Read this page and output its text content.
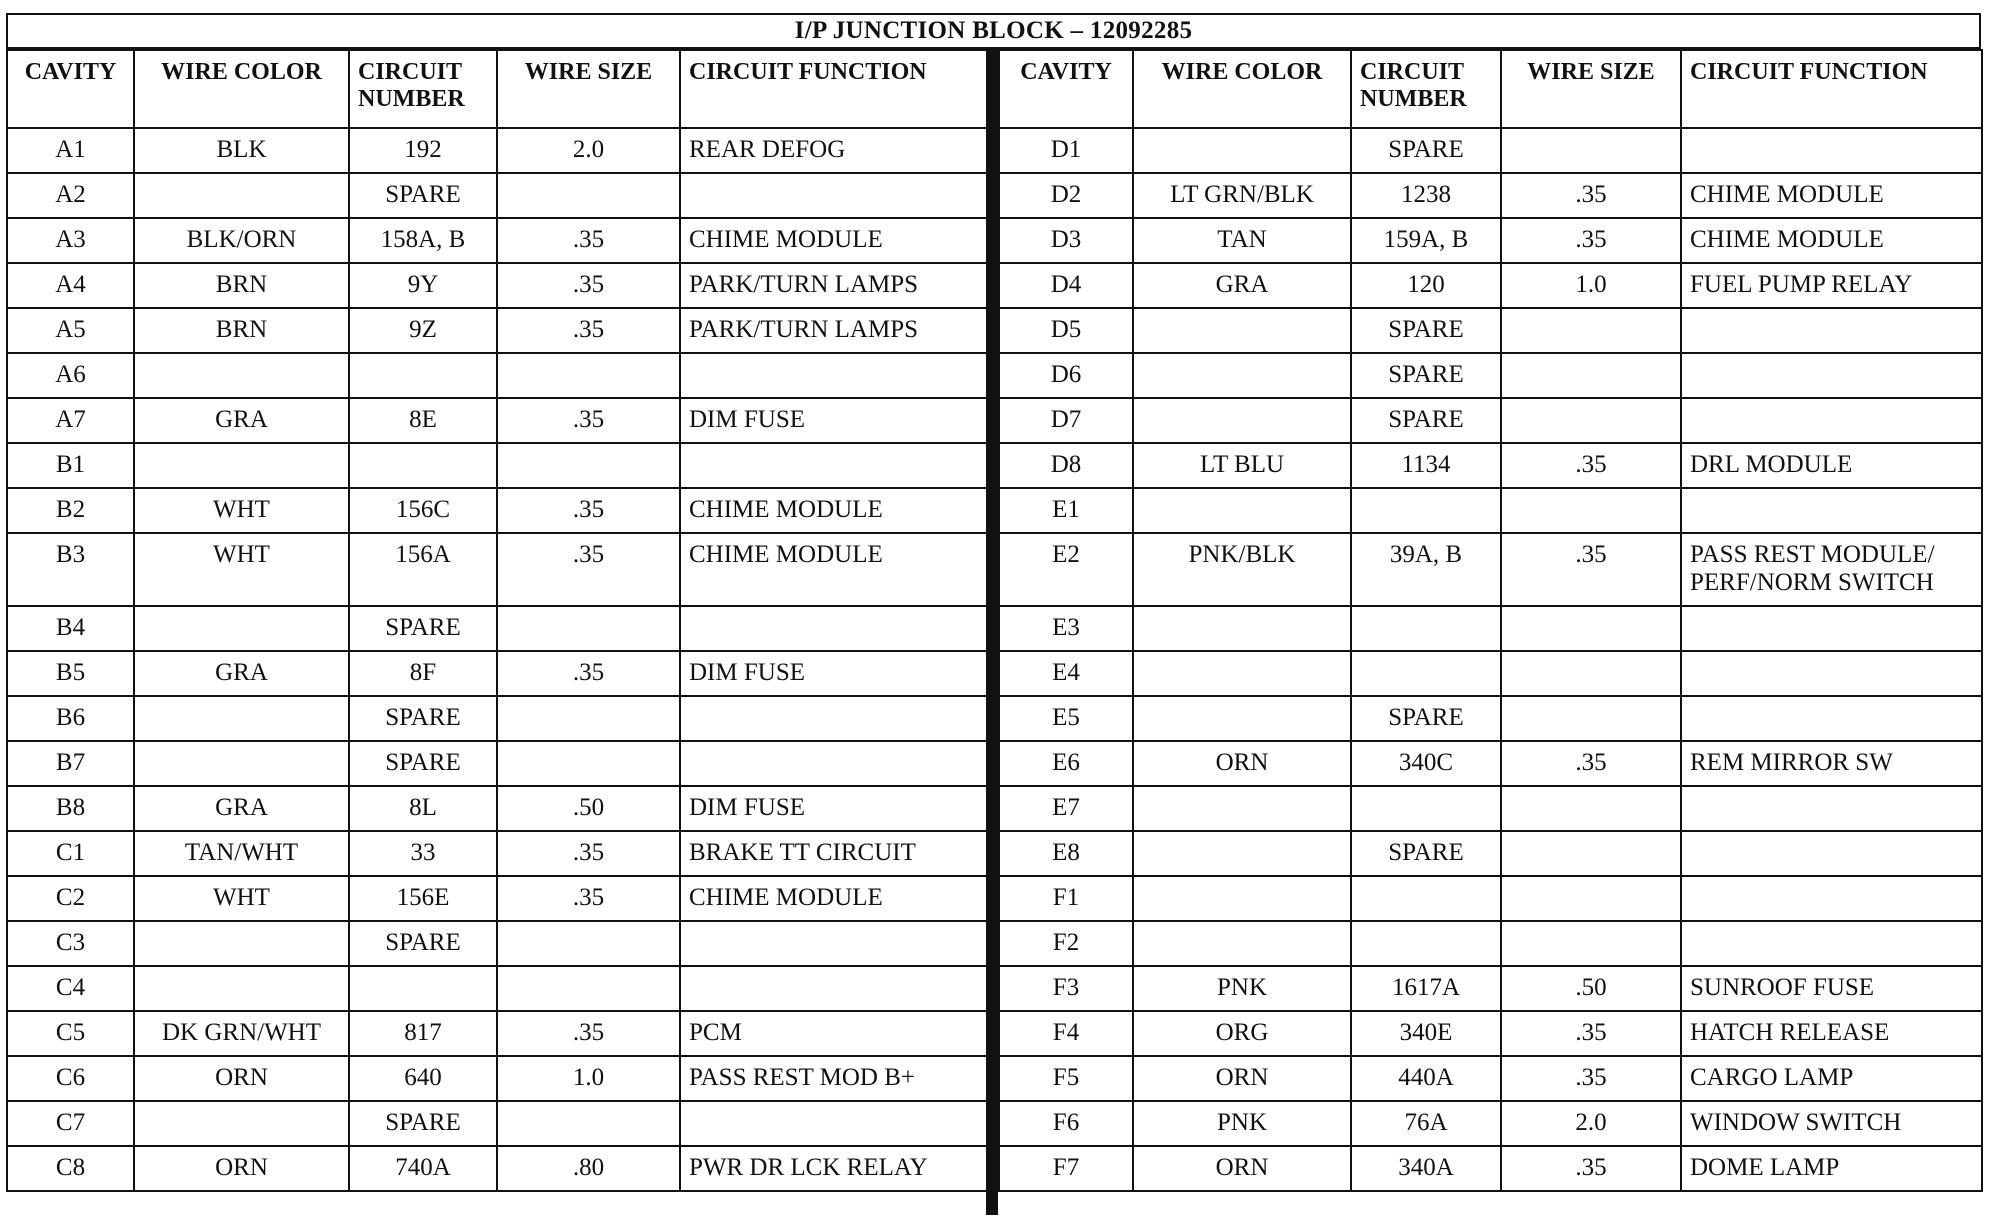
I/P JUNCTION BLOCK – 12092285
CAVITY	WIRE COLOR	CIRCUIT NUMBER	WIRE SIZE	CIRCUIT FUNCTION
A1	BLK	192	2.0	REAR DEFOG
A2		SPARE		
A3	BLK/ORN	158A, B	.35	CHIME MODULE
A4	BRN	9Y	.35	PARK/TURN LAMPS
A5	BRN	9Z	.35	PARK/TURN LAMPS
A6				
A7	GRA	8E	.35	DIM FUSE
B1				
B2	WHT	156C	.35	CHIME MODULE
B3	WHT	156A	.35	CHIME MODULE
B4		SPARE		
B5	GRA	8F	.35	DIM FUSE
B6		SPARE		
B7		SPARE		
B8	GRA	8L	.50	DIM FUSE
C1	TAN/WHT	33	.35	BRAKE TT CIRCUIT
C2	WHT	156E	.35	CHIME MODULE
C3		SPARE		
C4				
C5	DK GRN/WHT	817	.35	PCM
C6	ORN	640	1.0	PASS REST MOD B+
C7		SPARE		
C8	ORN	740A	.80	PWR DR LCK RELAY
CAVITY	WIRE COLOR	CIRCUIT NUMBER	WIRE SIZE	CIRCUIT FUNCTION
D1		SPARE		
D2	LT GRN/BLK	1238	.35	CHIME MODULE
D3	TAN	159A, B	.35	CHIME MODULE
D4	GRA	120	1.0	FUEL PUMP RELAY
D5		SPARE		
D6		SPARE		
D7		SPARE		
D8	LT BLU	1134	.35	DRL MODULE
E1				
E2	PNK/BLK	39A, B	.35	PASS REST MODULE/ PERF/NORM SWITCH
E3				
E4				
E5		SPARE		
E6	ORN	340C	.35	REM MIRROR SW
E7				
E8		SPARE		
F1				
F2				
F3	PNK	1617A	.50	SUNROOF FUSE
F4	ORG	340E	.35	HATCH RELEASE
F5	ORN	440A	.35	CARGO LAMP
F6	PNK	76A	2.0	WINDOW SWITCH
F7	ORN	340A	.35	DOME LAMP
